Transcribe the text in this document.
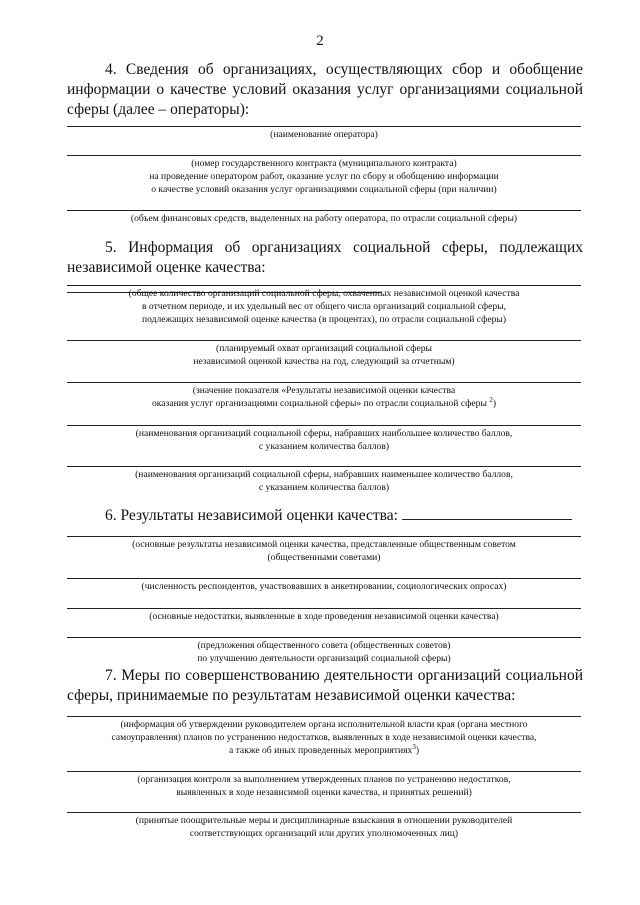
2
4. Сведения об организациях, осуществляющих сбор и обобщение
информации о качестве условий оказания услуг организациями социальной
сферы (далее – операторы):
(наименование оператора)
(номер государственного контракта (муниципального контракта)
на проведение оператором работ, оказание услуг по сбору и обобщению информации
о качестве условий оказания услуг организациями социальной сферы (при наличии)
(объем финансовых средств, выделенных на работу оператора, по отрасли социальной сферы)
5. Информация об организациях социальной сферы, подлежащих
независимой оценке качества:
(общее количество организаций социальной сферы, охваченных независимой оценкой качества
в отчетном периоде, и их удельный вес от общего числа организаций социальной сферы,
подлежащих независимой оценке качества (в процентах), по отрасли социальной сферы)
(планируемый охват организаций социальной сферы
независимой оценкой качества на год, следующий за отчетным)
(значение показателя «Результаты независимой оценки качества
оказания услуг организациями социальной сферы» по отрасли социальной сферы $^2$)
(наименования организаций социальной сферы, набравших наибольшее количество баллов,
с указанием количества баллов)
(наименования организаций социальной сферы, набравших наименьшее количество баллов,
с указанием количества баллов)
6. Результаты независимой оценки качества:
(основные результаты независимой оценки качества, представленные общественным советом
(общественными советами)
(численность респондентов, участвовавших в анкетировании, социологических опросах)
(основные недостатки, выявленные в ходе проведения независимой оценки качества)
(предложения общественного совета (общественных советов)
по улучшению деятельности организаций социальной сферы)
7. Меры по совершенствованию деятельности организаций социальной
сферы, принимаемые по результатам независимой оценки качества:
(информация об утверждении руководителем органа исполнительной власти края (органа местного
самоуправления) планов по устранению недостатков, выявленных в ходе независимой оценки качества,
а также об иных проведенных мероприятиях$^3$)
(организация контроля за выполнением утвержденных планов по устранению недостатков,
выявленных в ходе независимой оценки качества, и принятых решений)
(принятые поощрительные меры и дисциплинарные взыскания в отношении руководителей
соответствующих организаций или других уполномоченных лиц)
